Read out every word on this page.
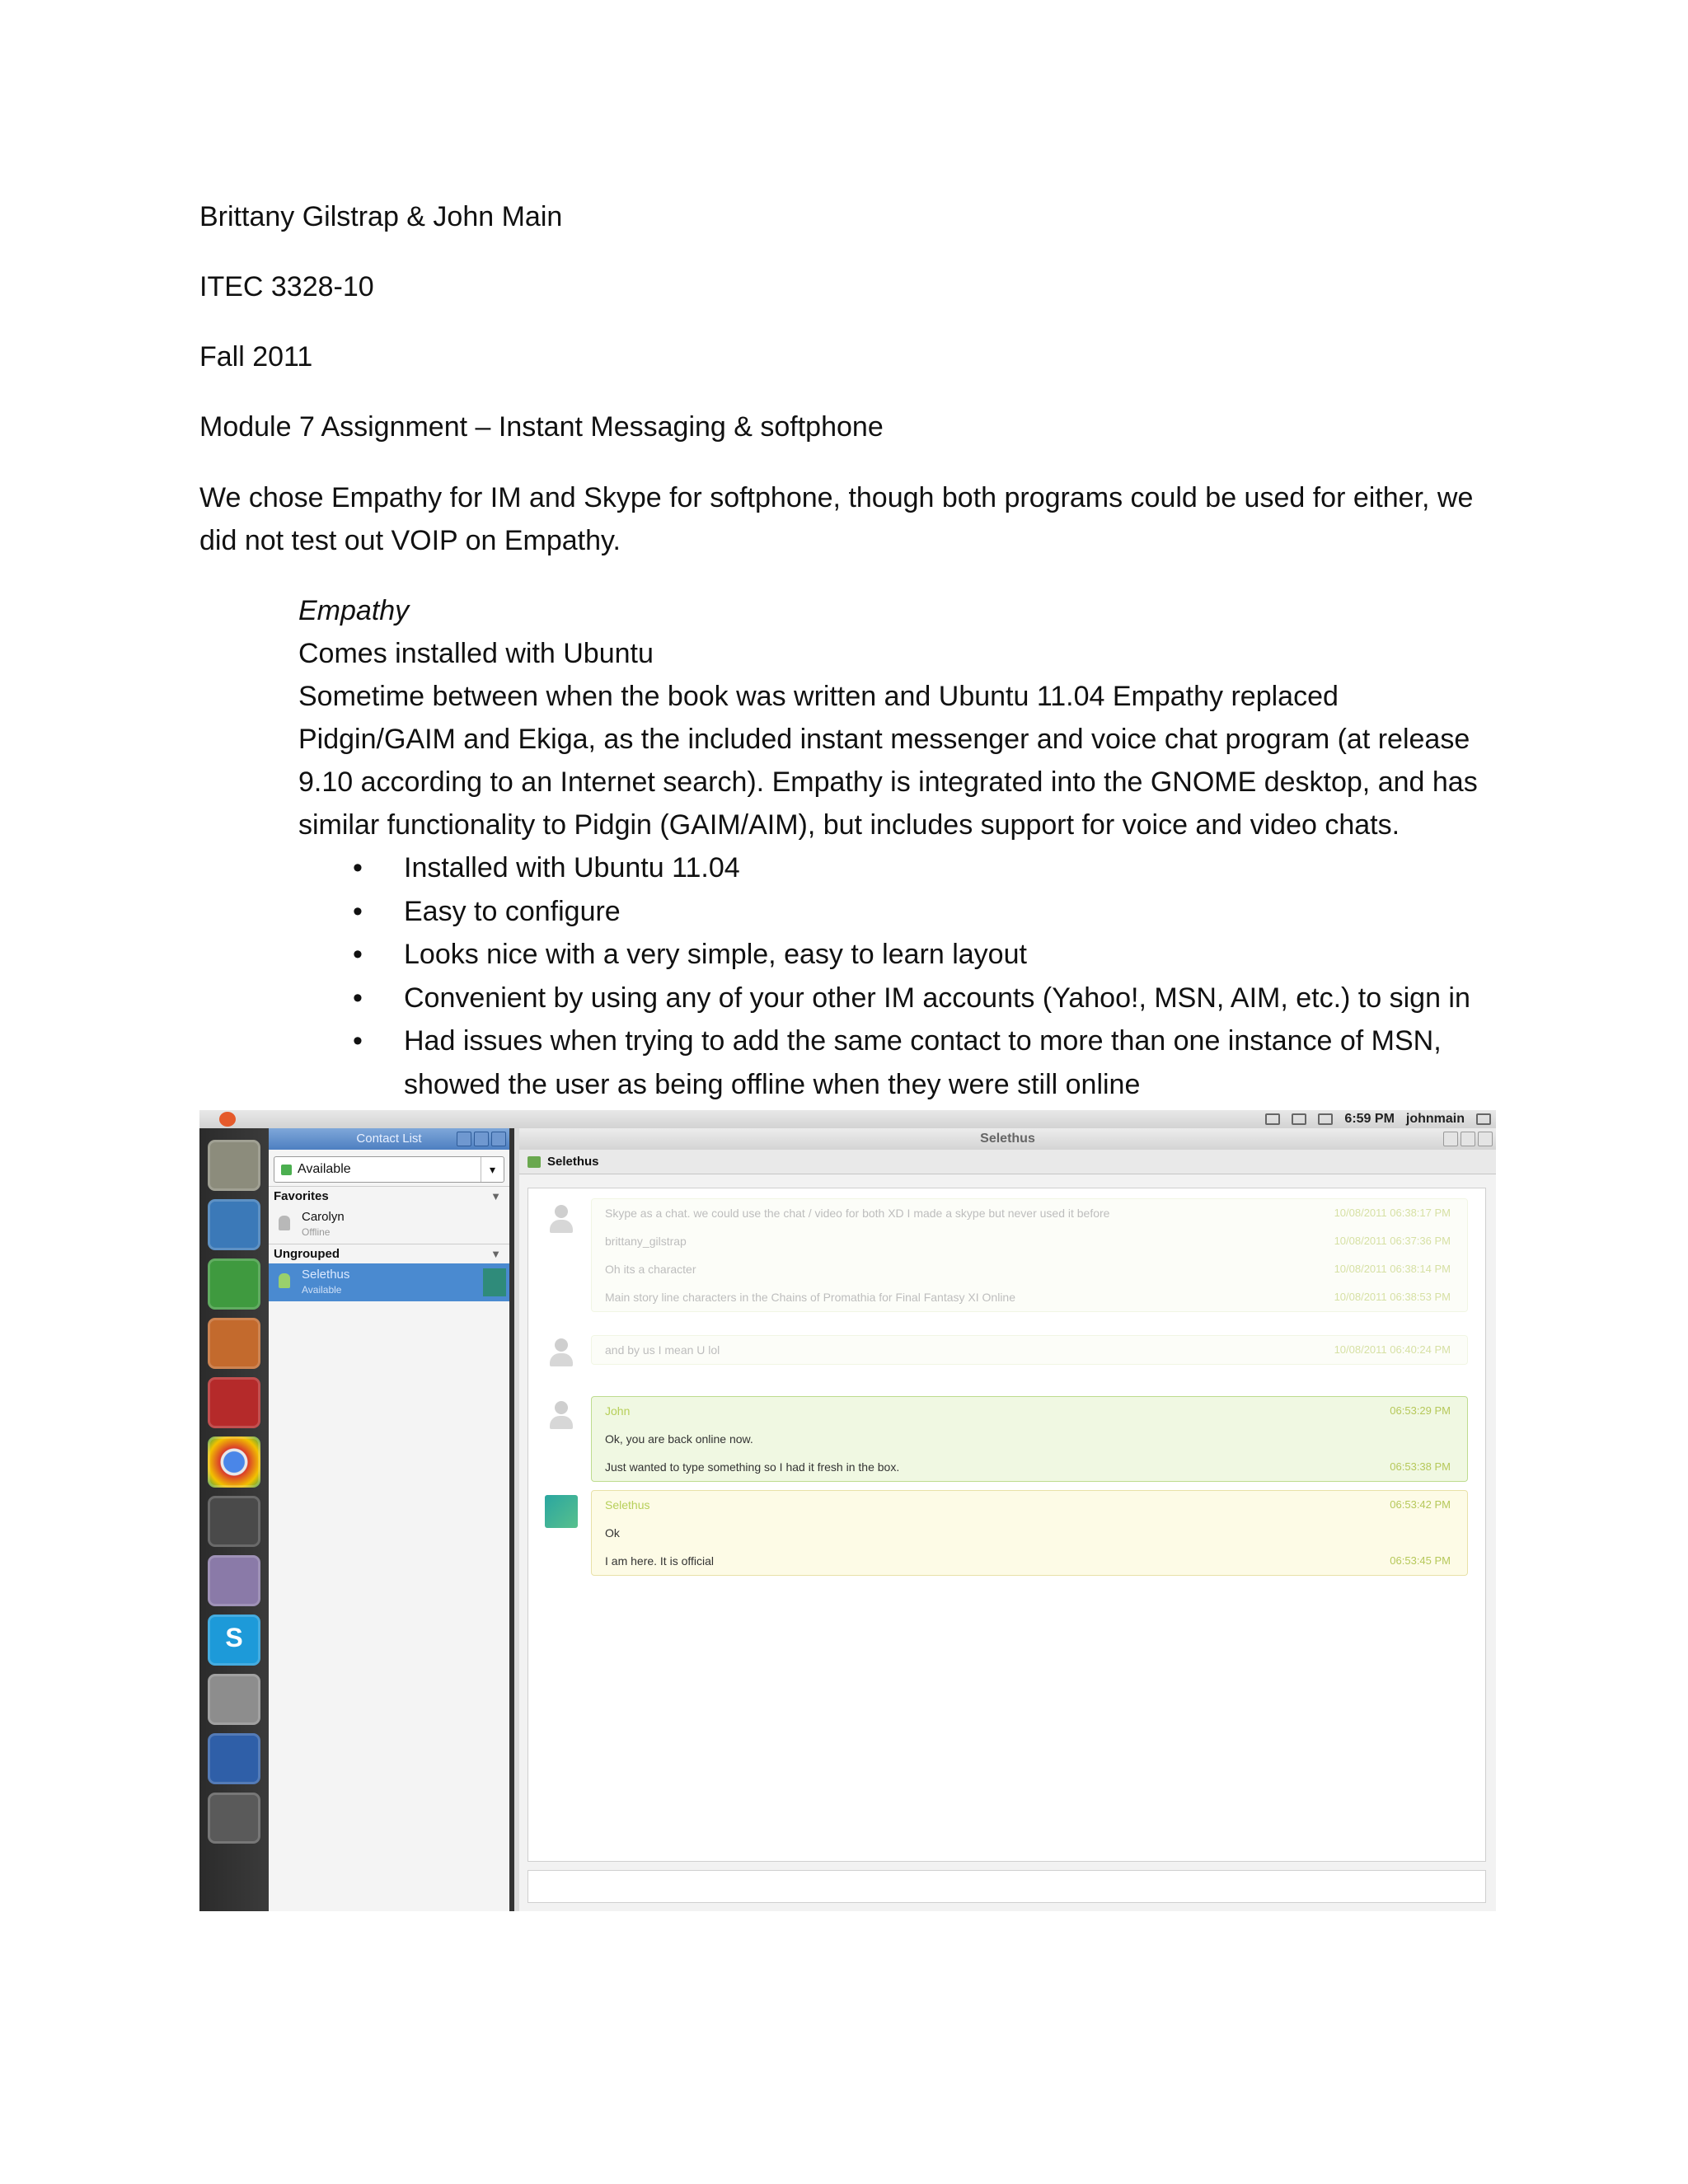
Brittany Gilstrap & John Main
ITEC 3328-10
Fall 2011
Module 7 Assignment – Instant Messaging & softphone
We chose Empathy for IM and Skype for softphone, though both programs could be used for either, we did not test out VOIP on Empathy.
Empathy
Comes installed with Ubuntu
Sometime between when the book was written and Ubuntu 11.04 Empathy replaced Pidgin/GAIM and Ekiga, as the included instant messenger and voice chat program (at release 9.10 according to an Internet search). Empathy is integrated into the GNOME desktop, and has similar functionality to Pidgin (GAIM/AIM), but includes support for voice and video chats.
• Installed with Ubuntu 11.04
• Easy to configure
• Looks nice with a very simple, easy to learn layout
• Convenient by using any of your other IM accounts (Yahoo!, MSN, AIM, etc.) to sign in
• Had issues when trying to add the same contact to more than one instance of MSN, showed the user as being offline when they were still online
6:59 PM johnmain
S
Contact List
Available	▾
Favorites	▼
Carolyn
Offline
Ungrouped	▼
Selethus
Available
Selethus
Selethus
Skype as a chat. we could use the chat / video for both XD I made a skype but never used it before	10/08/2011 06:38:17 PM
brittany_gilstrap	10/08/2011 06:37:36 PM
Oh its a character	10/08/2011 06:38:14 PM
Main story line characters in the Chains of Promathia for Final Fantasy XI Online	10/08/2011 06:38:53 PM
and by us I mean U lol	10/08/2011 06:40:24 PM
John	06:53:29 PM
Ok, you are back online now.
Just wanted to type something so I had it fresh in the box.	06:53:38 PM
Selethus	06:53:42 PM
Ok
I am here. It is official	06:53:45 PM
